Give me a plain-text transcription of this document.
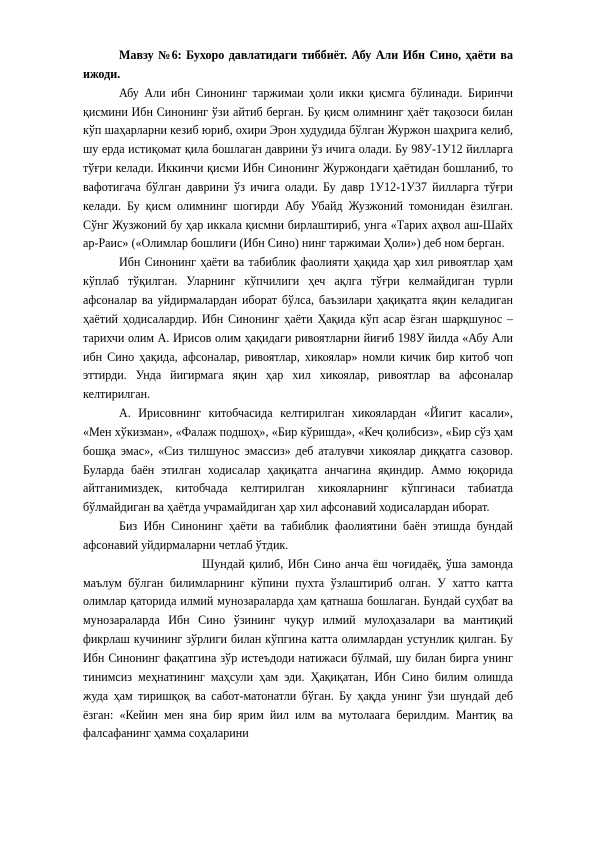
Мавзу №6: Бухоро давлатидаги тиббиёт. Абу Али Ибн Сино, ҳаёти ва ижоди.

Абу Али ибн Синонинг таржимаи ҳоли икки қисмга бўлинади. Биринчи қисмини Ибн Синонинг ўзи айтиб берган. Бу қисм олимнинг ҳаёт тақозоси билан кўп шаҳарларни кезиб юриб, охири Эрон худудида бўлган Журжон шаҳрига келиб, шу ерда истиқомат қила бошлаган даврини ўз ичига олади. Бу 98У-1У12 йилларга тўғри келади. Иккинчи қисми Ибн Синонинг Журжондаги ҳаётидан бошланиб, то вафотигача бўлган даврини ўз ичига олади. Бу давр 1У12-1У37 йилларга тўғри келади. Бу қисм олимнинг шогирди Абу Убайд Жузжоний томонидан ёзилган. Сўнг Жузжоний бу ҳар иккала қисмни бирлаштириб, унга «Тарих аҳвол аш-Шайх ар-Раис» («Олимлар бошлиғи (Ибн Сино) нинг таржимаи Ҳоли») деб ном берган.

Ибн Синонинг ҳаёти ва табиблик фаолияти ҳақида ҳар хил ривоятлар ҳам кўплаб тўқилган. Уларнинг кўпчилиги ҳеч ақлга тўғри келмайдиган турли афсоналар ва уйдирмалардан иборат бўлса, баъзилари ҳақиқатга яқин келадиган ҳаётий ҳодисалардир. Ибн Синонинг ҳаёти Ҳақида кўп асар ёзган шарқшунос – тарихчи олим А. Ирисов олим ҳақидаги ривоятларни йиғиб 198У йилда «Абу Али ибн Сино ҳақида, афсоналар, ривоятлар, хикоялар» номли кичик бир китоб чоп эттирди. Унда йигирмага яқин ҳар хил хикоялар, ривоятлар ва афсоналар келтирилган.

А. Ирисовнинг китобчасида келтирилган хикоялардан «Йигит касали», «Мен хўкизман», «Фалаж подшоҳ», «Бир кўришда», «Кеч қолибсиз», «Бир сўз ҳам бошқа эмас», «Сиз тилшунос эмассиз» деб аталувчи хикоялар диққатга сазовор. Буларда баён этилган ходисалар ҳақиқатга анчагина яқиндир. Аммо юқорида айтганимиздек, китобчада келтирилган хикояларнинг кўпгинаси табиатда бўлмайдиган ва ҳаётда учрамайдиган ҳар хил афсонавий ходисалардан иборат.

Биз Ибн Синонинг ҳаёти ва табиблик фаолиятини баён этишда бундай афсонавий уйдирмаларни четлаб ўтдик.

Шундай қилиб, Ибн Сино анча ёш чоғидаёқ, ўша замонда маълум бўлган билимларнинг кўпини пухта ўзлаштириб олган. У хатто катта олимлар қаторида илмий мунозараларда ҳам қатнаша бошлаган. Бундай суҳбат ва мунозараларда Ибн Сино ўзининг чуқур илмий мулоҳазалари ва мантиқий фикрлаш кучининг зўрлиги билан кўпгина катта олимлардан устунлик қилган. Бу Ибн Синонинг фақатгина зўр истеъдоди натижаси бўлмай, шу билан бирга унинг тинимсиз меҳнатининг маҳсули ҳам эди. Ҳақиқатан, Ибн Сино билим олишда жуда ҳам тиришқоқ ва сабот-матонатли бўган. Бу ҳақда унинг ўзи шундай деб ёзган: «Кейин мен яна бир ярим йил илм ва мутолаага берилдим. Мантиқ ва фалсафанинг ҳамма соҳаларини
